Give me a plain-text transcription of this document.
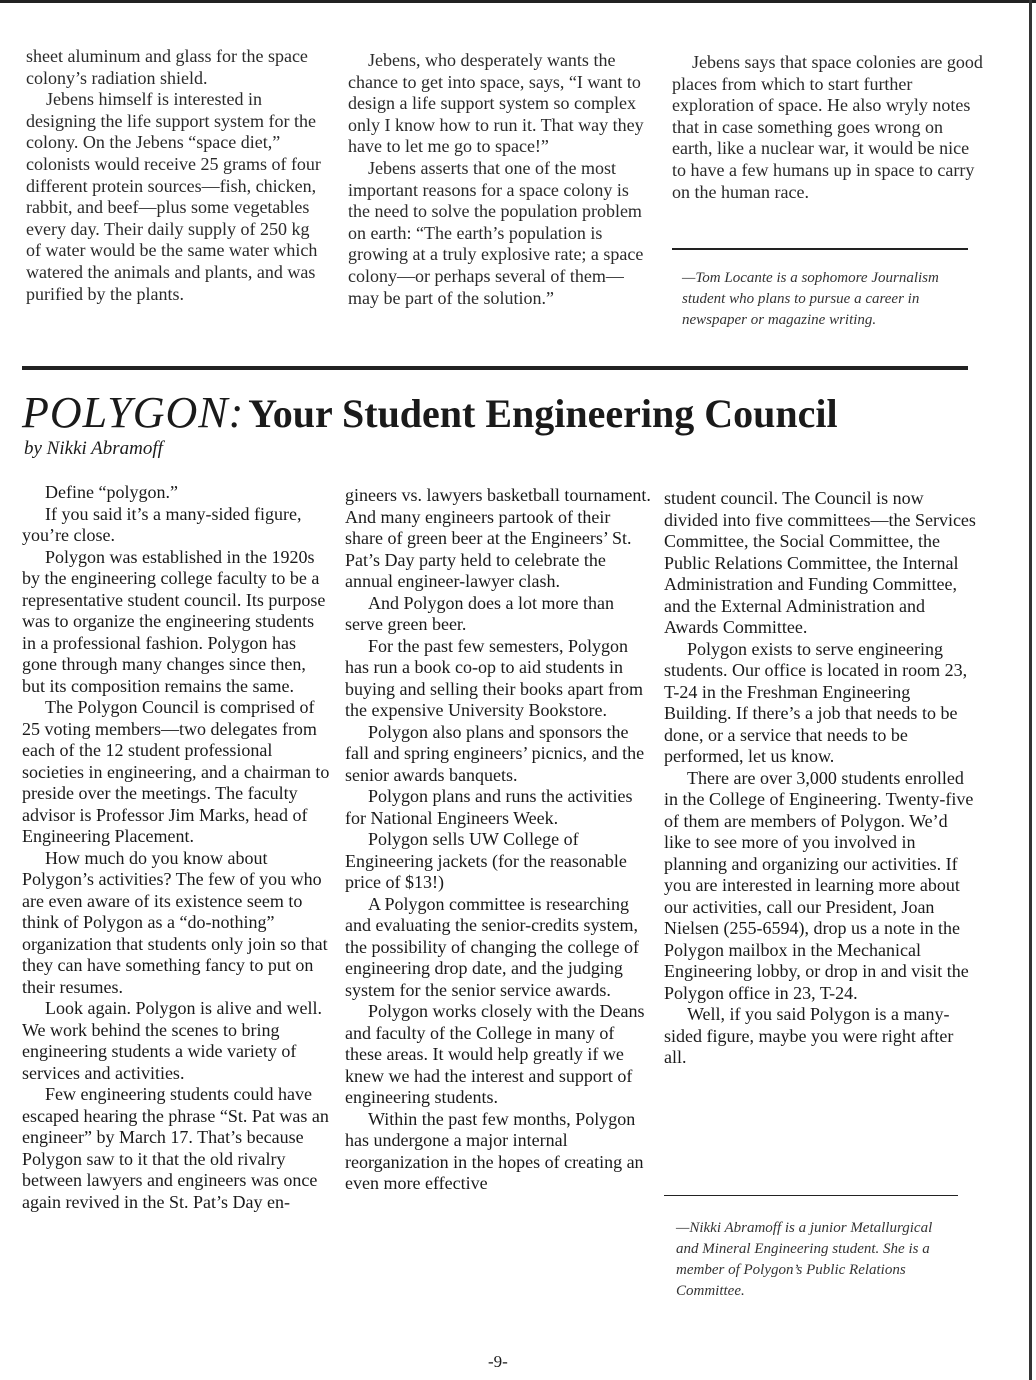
sheet aluminum and glass for the space colony’s radiation shield.

Jebens himself is interested in designing the life support system for the colony. On the Jebens “space diet,” colonists would receive 25 grams of four different protein sources—fish, chicken, rabbit, and beef—plus some vegetables every day. Their daily supply of 250 kg of water would be the same water which watered the animals and plants, and was purified by the plants.

Jebens, who desperately wants the chance to get into space, says, “I want to design a life support system so complex only I know how to run it. That way they have to let me go to space!”

Jebens asserts that one of the most important reasons for a space colony is the need to solve the population problem on earth: “The earth’s population is growing at a truly explosive rate; a space colony—or perhaps several of them—may be part of the solution.”

Jebens says that space colonies are good places from which to start further exploration of space. He also wryly notes that in case something goes wrong on earth, like a nuclear war, it would be nice to have a few humans up in space to carry on the human race.

—Tom Locante is a sophomore Journalism student who plans to pursue a career in newspaper or magazine writing.

POLYGON: Your Student Engineering Council
by Nikki Abramoff

Define “polygon.”

If you said it’s a many-sided figure, you’re close.

Polygon was established in the 1920s by the engineering college faculty to be a representative student council. Its purpose was to organize the engineering students in a professional fashion. Polygon has gone through many changes since then, but its composition remains the same.

The Polygon Council is comprised of 25 voting members—two delegates from each of the 12 student professional societies in engineering, and a chairman to preside over the meetings. The faculty advisor is Professor Jim Marks, head of Engineering Placement.

How much do you know about Polygon’s activities? The few of you who are even aware of its existence seem to think of Polygon as a “do-nothing” organization that students only join so that they can have something fancy to put on their resumes.

Look again. Polygon is alive and well. We work behind the scenes to bring engineering students a wide variety of services and activities.

Few engineering students could have escaped hearing the phrase “St. Pat was an engineer” by March 17. That’s because Polygon saw to it that the old rivalry between lawyers and engineers was once again revived in the St. Pat’s Day en-

gineers vs. lawyers basketball tournament. And many engineers partook of their share of green beer at the Engineers’ St. Pat’s Day party held to celebrate the annual engineer-lawyer clash.

And Polygon does a lot more than serve green beer.

For the past few semesters, Polygon has run a book co-op to aid students in buying and selling their books apart from the expensive University Bookstore.

Polygon also plans and sponsors the fall and spring engineers’ picnics, and the senior awards banquets.

Polygon plans and runs the activities for National Engineers Week.

Polygon sells UW College of Engineering jackets (for the reasonable price of $13!)

A Polygon committee is researching and evaluating the senior-credits system, the possibility of changing the college of engineering drop date, and the judging system for the senior service awards.

Polygon works closely with the Deans and faculty of the College in many of these areas. It would help greatly if we knew we had the interest and support of engineering students.

Within the past few months, Polygon has undergone a major internal reorganization in the hopes of creating an even more effective

student council. The Council is now divided into five committees—the Services Committee, the Social Committee, the Public Relations Committee, the Internal Administration and Funding Committee, and the External Administration and Awards Committee.

Polygon exists to serve engineering students. Our office is located in room 23, T-24 in the Freshman Engineering Building. If there’s a job that needs to be done, or a service that needs to be performed, let us know.

There are over 3,000 students enrolled in the College of Engineering. Twenty-five of them are members of Polygon. We’d like to see more of you involved in planning and organizing our activities. If you are interested in learning more about our activities, call our President, Joan Nielsen (255-6594), drop us a note in the Polygon mailbox in the Mechanical Engineering lobby, or drop in and visit the Polygon office in 23, T-24.

Well, if you said Polygon is a many-sided figure, maybe you were right after all.

—Nikki Abramoff is a junior Metallurgical and Mineral Engineering student. She is a member of Polygon’s Public Relations Committee.

-9-
